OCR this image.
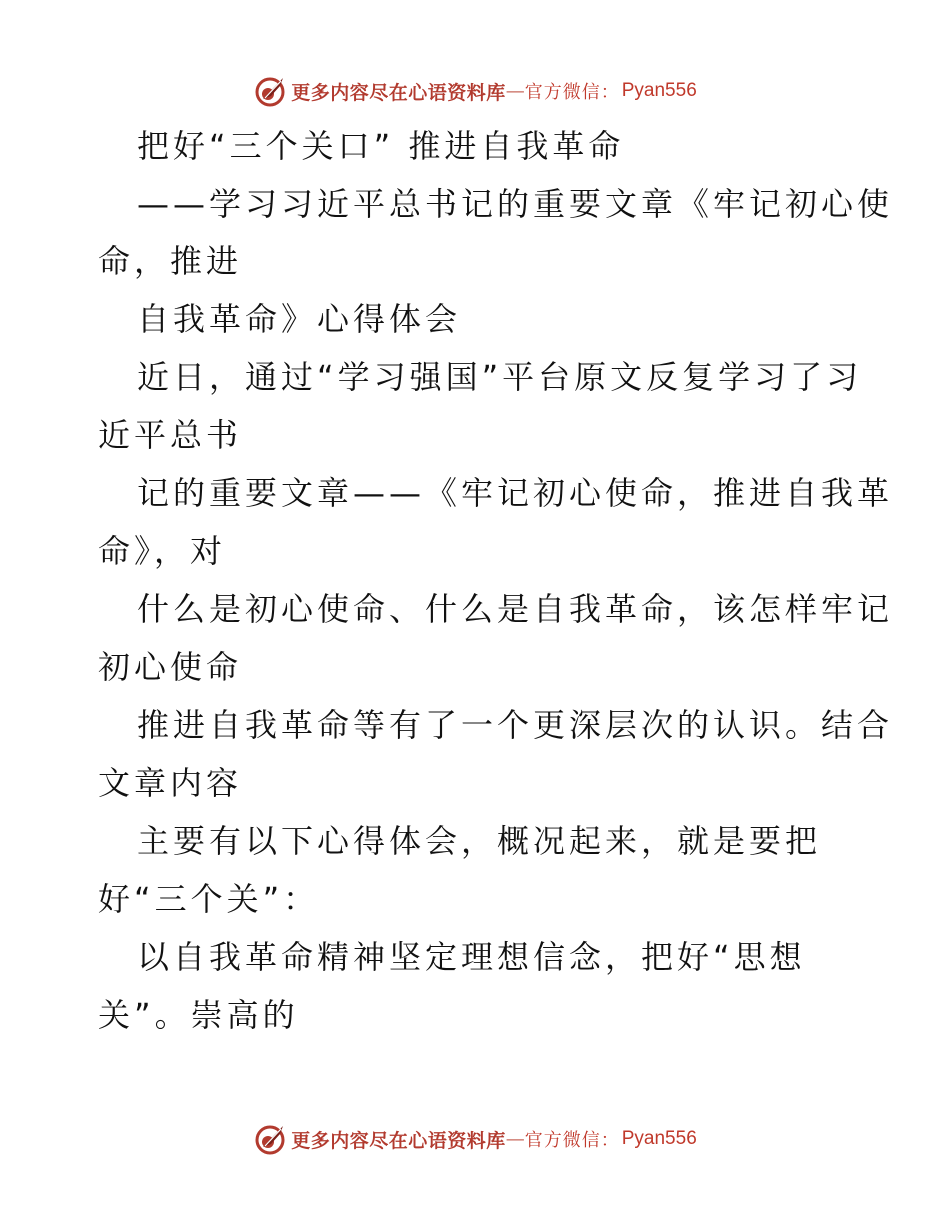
更多内容尽在心语资料库 — 官方微信： Pyan556
把好“三个关口” 推进自我革命
——学习习近平总书记的重要文章《牢记初心使
命，推进
自我革命》心得体会
近日，通过“学习强国”平台原文反复学习了习
近平总书
记的重要文章——《牢记初心使命，推进自我革
命》，对
什么是初心使命、什么是自我革命，该怎样牢记
初心使命
推进自我革命等有了一个更深层次的认识。结合
文章内容
主要有以下心得体会，概况起来，就是要把
好“三个关”：
以自我革命精神坚定理想信念，把好“思想
关”。崇高的
更多内容尽在心语资料库 — 官方微信： Pyan556
